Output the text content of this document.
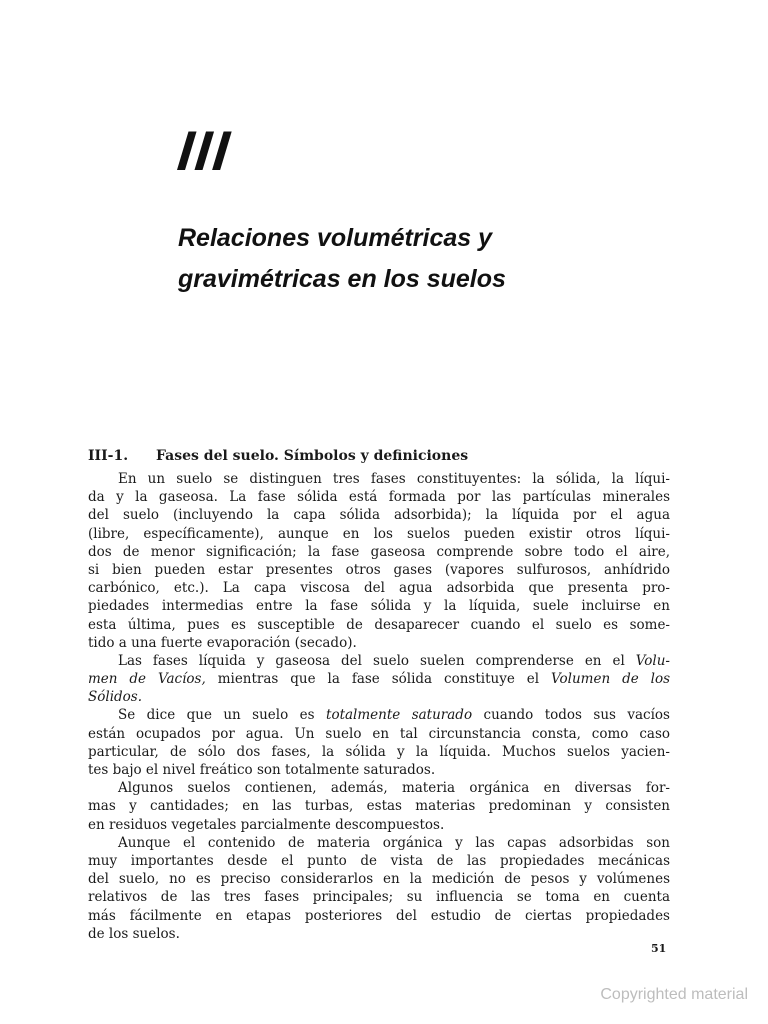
III
Relaciones volumétricas y
gravimétricas en los suelos
III-1. Fases del suelo. Símbolos y definiciones
En un suelo se distinguen tres fases constituyentes: la sólida, la líqui-
da y la gaseosa. La fase sólida está formada por las partículas minerales
del suelo (incluyendo la capa sólida adsorbida); la líquida por el agua
(libre, específicamente), aunque en los suelos pueden existir otros líqui-
dos de menor significación; la fase gaseosa comprende sobre todo el aire,
si bien pueden estar presentes otros gases (vapores sulfurosos, anhídrido
carbónico, etc.). La capa viscosa del agua adsorbida que presenta pro-
piedades intermedias entre la fase sólida y la líquida, suele incluirse en
esta última, pues es susceptible de desaparecer cuando el suelo es some-
tido a una fuerte evaporación (secado).
Las fases líquida y gaseosa del suelo suelen comprenderse en el Volu-
men de Vacíos, mientras que la fase sólida constituye el Volumen de los
Sólidos.
Se dice que un suelo es totalmente saturado cuando todos sus vacíos
están ocupados por agua. Un suelo en tal circunstancia consta, como caso
particular, de sólo dos fases, la sólida y la líquida. Muchos suelos yacien-
tes bajo el nivel freático son totalmente saturados.
Algunos suelos contienen, además, materia orgánica en diversas for-
mas y cantidades; en las turbas, estas materias predominan y consisten
en residuos vegetales parcialmente descompuestos.
Aunque el contenido de materia orgánica y las capas adsorbidas son
muy importantes desde el punto de vista de las propiedades mecánicas
del suelo, no es preciso considerarlos en la medición de pesos y volúmenes
relativos de las tres fases principales; su influencia se toma en cuenta
más fácilmente en etapas posteriores del estudio de ciertas propiedades
de los suelos.
51
Copyrighted material
